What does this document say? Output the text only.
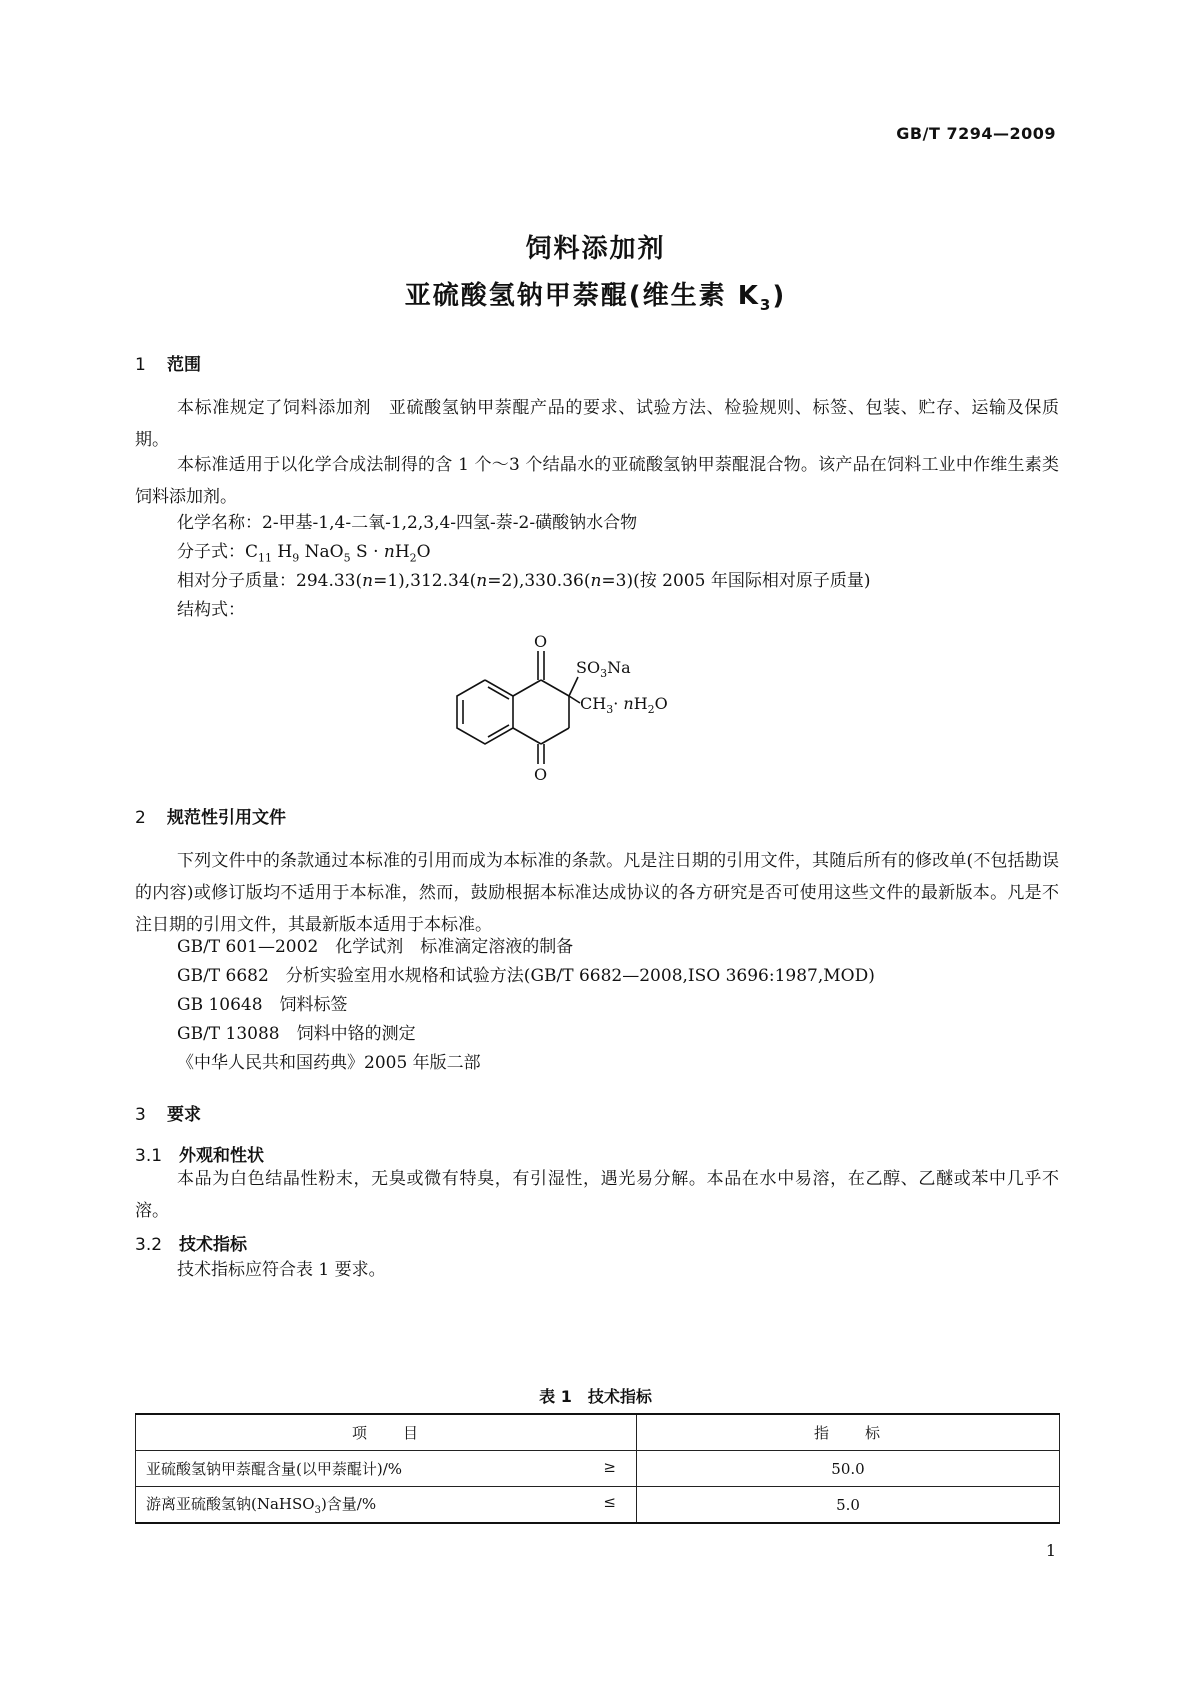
GB/T 7294—2009
饲料添加剂
亚硫酸氢钠甲萘醌(维生素 $K_3$)
1 范围
本标准规定了饲料添加剂　亚硫酸氢钠甲萘醌产品的要求、试验方法、检验规则、标签、包装、贮存、运输及保质期。
本标准适用于以化学合成法制得的含 1 个～3 个结晶水的亚硫酸氢钠甲萘醌混合物。该产品在饲料工业中作维生素类饲料添加剂。
化学名称：2-甲基-1,4-二氧-1,2,3,4-四氢-萘-2-磺酸钠水合物
分子式：$C_{11}$ $H_9$ NaO$_5$ $S \cdot nH_2O$
相对分子质量：294.33(n=1),312.34(n=2),330.36(n=3)(按 2005 年国际相对原子质量)
结构式：
O
O
$SO_3Na$
$CH_3\cdot nH_2O$
2 规范性引用文件
下列文件中的条款通过本标准的引用而成为本标准的条款。凡是注日期的引用文件，其随后所有的修改单(不包括勘误的内容)或修订版均不适用于本标准，然而，鼓励根据本标准达成协议的各方研究是否可使用这些文件的最新版本。凡是不注日期的引用文件，其最新版本适用于本标准。
GB/T 601—2002　化学试剂　标准滴定溶液的制备
GB/T 6682　分析实验室用水规格和试验方法(GB/T 6682—2008,ISO 3696:1987,MOD)
GB 10648　饲料标签
GB/T 13088　饲料中铬的测定
《中华人民共和国药典》2005 年版二部
3 要求
3.1 外观和性状
本品为白色结晶性粉末，无臭或微有特臭，有引湿性，遇光易分解。本品在水中易溶，在乙醇、乙醚或苯中几乎不溶。
3.2 技术指标
技术指标应符合表 1 要求。
表 1　技术指标
项　　目	指　　标
亚硫酸氢钠甲萘醌含量(以甲萘醌计)/% ≥	50.0
游离亚硫酸氢钠(NaHSO$_3$)含量/% ≤	5.0
1
